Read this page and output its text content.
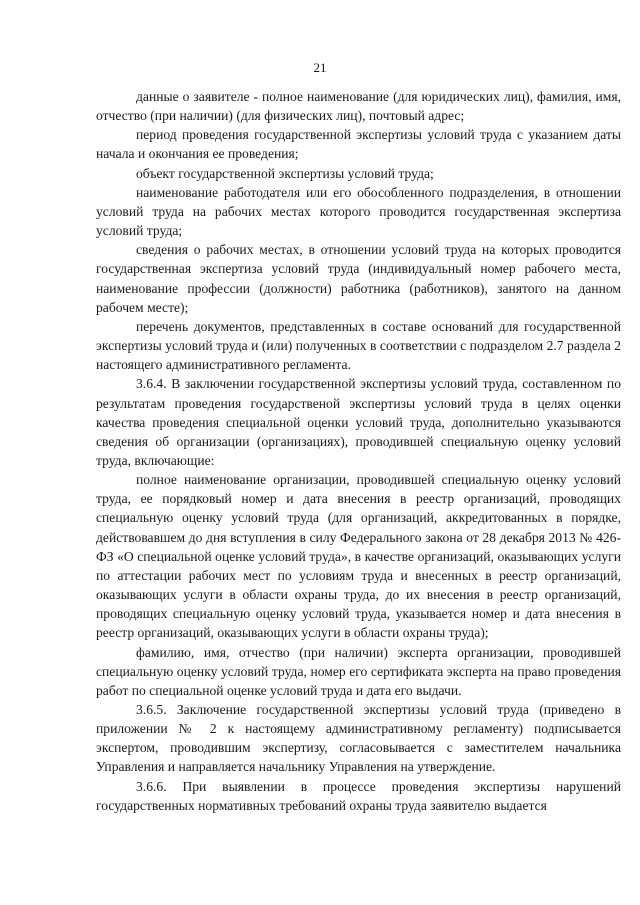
21

данные о заявителе - полное наименование (для юридических лиц), фамилия, имя, отчество (при наличии) (для физических лиц), почтовый адрес;

период проведения государственной экспертизы условий труда с указанием даты начала и окончания ее проведения;

объект государственной экспертизы условий труда;

наименование работодателя или его обособленного подразделения, в отношении условий труда на рабочих местах которого проводится государственная экспертиза условий труда;

сведения о рабочих местах, в отношении условий труда на которых проводится государственная экспертиза условий труда (индивидуальный номер рабочего места, наименование профессии (должности) работника (работников), занятого на данном рабочем месте);

перечень документов, представленных в составе оснований для государственной экспертизы условий труда и (или) полученных в соответствии с подразделом 2.7 раздела 2 настоящего административного регламента.

3.6.4. В заключении государственной экспертизы условий труда, составленном по результатам проведения государственой экспертизы условий труда в целях оценки качества проведения специальной оценки условий труда, дополнительно указываются сведения об организации (организациях), проводившей специальную оценку условий труда, включающие:

полное наименование организации, проводившей специальную оценку условий труда, ее порядковый номер и дата внесения в реестр организаций, проводящих специальную оценку условий труда (для организаций, аккредитованных в порядке, действовавшем до дня вступления в силу Федерального закона от 28 декабря 2013 № 426-ФЗ «О специальной оценке условий труда», в качестве организаций, оказывающих услуги по аттестации рабочих мест по условиям труда и внесенных в реестр организаций, оказывающих услуги в области охраны труда, до их внесения в реестр организаций, проводящих специальную оценку условий труда, указывается номер и дата внесения в реестр организаций, оказывающих услуги в области охраны труда);

фамилию, имя, отчество (при наличии) эксперта организации, проводившей специальную оценку условий труда, номер его сертификата эксперта на право проведения работ по специальной оценке условий труда и дата его выдачи.

3.6.5. Заключение государственной экспертизы условий труда (приведено в приложении № 2 к настоящему административному регламенту) подписывается экспертом, проводившим экспертизу, согласовывается с заместителем начальника Управления и направляется начальнику Управления на утверждение.

3.6.6. При выявлении в процессе проведения экспертизы нарушений государственных нормативных требований охраны труда заявителю выдается
